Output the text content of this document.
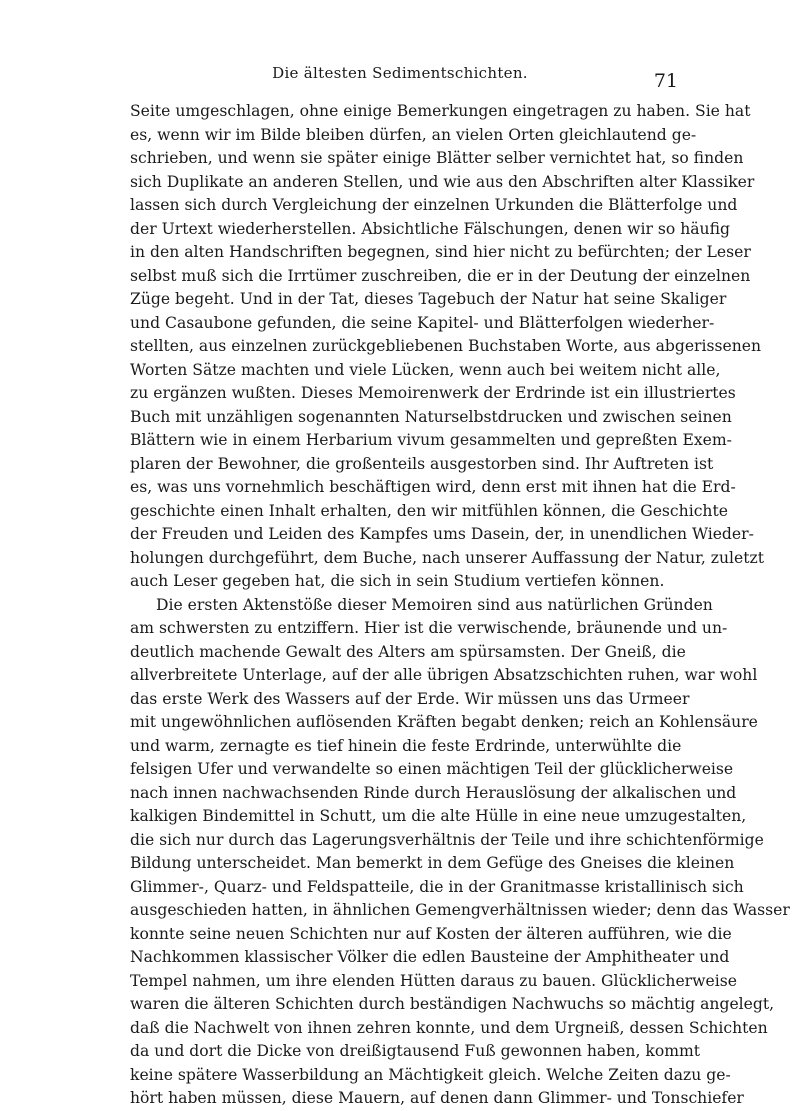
Die ältesten Sedimentschichten.	71

Seite umgeschlagen, ohne einige Bemerkungen eingetragen zu haben. Sie hat
es, wenn wir im Bilde bleiben dürfen, an vielen Orten gleichlautend ge-
schrieben, und wenn sie später einige Blätter selber vernichtet hat, so finden
sich Duplikate an anderen Stellen, und wie aus den Abschriften alter Klassiker
lassen sich durch Vergleichung der einzelnen Urkunden die Blätterfolge und
der Urtext wiederherstellen. Absichtliche Fälschungen, denen wir so häufig
in den alten Handschriften begegnen, sind hier nicht zu befürchten; der Leser
selbst muß sich die Irrtümer zuschreiben, die er in der Deutung der einzelnen
Züge begeht. Und in der Tat, dieses Tagebuch der Natur hat seine Skaliger
und Casaubone gefunden, die seine Kapitel- und Blätterfolgen wiederher-
stellten, aus einzelnen zurückgebliebenen Buchstaben Worte, aus abgerissenen
Worten Sätze machten und viele Lücken, wenn auch bei weitem nicht alle,
zu ergänzen wußten. Dieses Memoirenwerk der Erdrinde ist ein illustriertes
Buch mit unzähligen sogenannten Naturselbstdrucken und zwischen seinen
Blättern wie in einem Herbarium vivum gesammelten und gepreßten Exem-
plaren der Bewohner, die großenteils ausgestorben sind. Ihr Auftreten ist
es, was uns vornehmlich beschäftigen wird, denn erst mit ihnen hat die Erd-
geschichte einen Inhalt erhalten, den wir mitfühlen können, die Geschichte
der Freuden und Leiden des Kampfes ums Dasein, der, in unendlichen Wieder-
holungen durchgeführt, dem Buche, nach unserer Auffassung der Natur, zuletzt
auch Leser gegeben hat, die sich in sein Studium vertiefen können.

Die ersten Aktenstöße dieser Memoiren sind aus natürlichen Gründen
am schwersten zu entziffern. Hier ist die verwischende, bräunende und un-
deutlich machende Gewalt des Alters am spürsamsten. Der Gneiß, die
allverbreitete Unterlage, auf der alle übrigen Absatzschichten ruhen, war wohl
das erste Werk des Wassers auf der Erde. Wir müssen uns das Urmeer
mit ungewöhnlichen auflösenden Kräften begabt denken; reich an Kohlensäure
und warm, zernagte es tief hinein die feste Erdrinde, unterwühlte die
felsigen Ufer und verwandelte so einen mächtigen Teil der glücklicherweise
nach innen nachwachsenden Rinde durch Herauslösung der alkalischen und
kalkigen Bindemittel in Schutt, um die alte Hülle in eine neue umzugestalten,
die sich nur durch das Lagerungsverhältnis der Teile und ihre schichtenförmige
Bildung unterscheidet. Man bemerkt in dem Gefüge des Gneises die kleinen
Glimmer-, Quarz- und Feldspatteile, die in der Granitmasse kristallinisch sich
ausgeschieden hatten, in ähnlichen Gemengverhältnissen wieder; denn das Wasser
konnte seine neuen Schichten nur auf Kosten der älteren aufführen, wie die
Nachkommen klassischer Völker die edlen Bausteine der Amphitheater und
Tempel nahmen, um ihre elenden Hütten daraus zu bauen. Glücklicherweise
waren die älteren Schichten durch beständigen Nachwuchs so mächtig angelegt,
daß die Nachwelt von ihnen zehren konnte, und dem Urgneiß, dessen Schichten
da und dort die Dicke von dreißigtausend Fuß gewonnen haben, kommt
keine spätere Wasserbildung an Mächtigkeit gleich. Welche Zeiten dazu ge-
hört haben müssen, diese Mauern, auf denen dann Glimmer- und Tonschiefer
